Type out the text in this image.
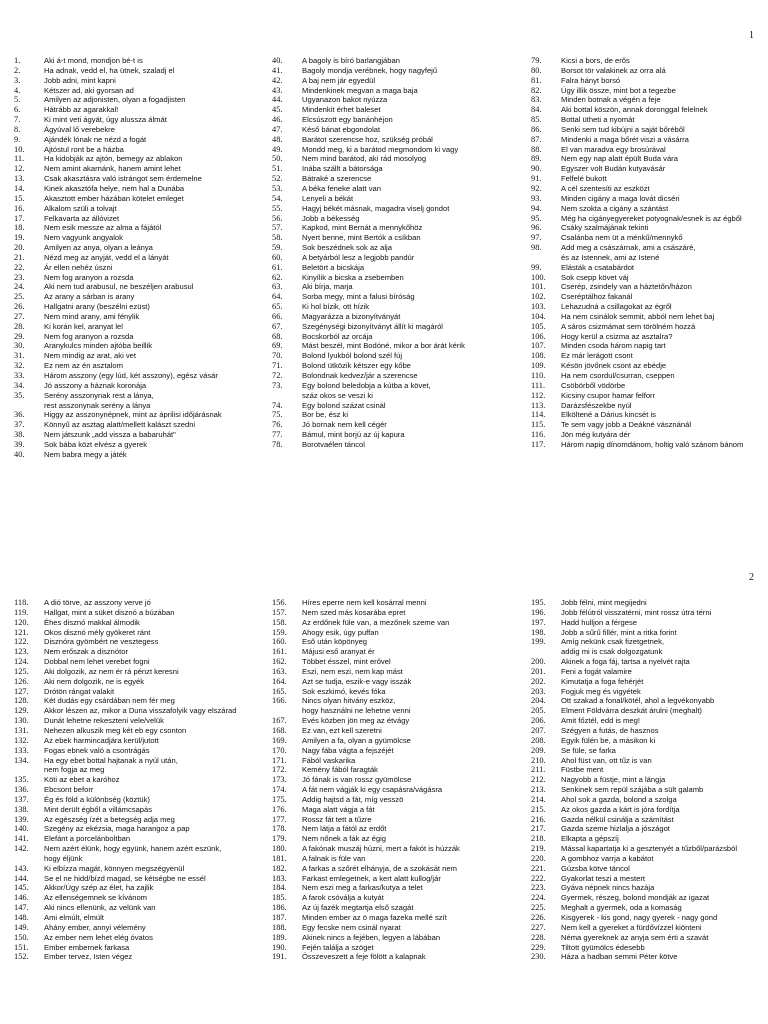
1
1.	Aki á-t mond, mondjon bé-t is
2.	Ha adnak, vedd el, ha ütnek, szaladj el
3.	Jobb adni, mint kapni
4.	Kétszer ad, aki gyorsan ad
5.	Amilyen az adjonisten, olyan a fogadjisten
6.	Hátrább az agarakkal!
7.	Ki mint veti ágyát, úgy alussza álmát
8.	Ágyúval lő verebekre
9.	Ajándék lónak ne nézd a fogát
10.	Ajtóstul ront be a házba
11.	Ha kidobják az ajtón, bemegy az ablakon
12.	Nem amint akarnánk, hanem amint lehet
13.	Csak akasztásra való istrángot sem érdemelne
14.	Kinek akasztófa helye, nem hal a Dunába
15.	Akasztott ember házában kötelet emleget
16.	Alkalom szüli a tolvajt
17.	Felkavarta az állóvizet
18.	Nem esik messze az alma a fájától
19.	Nem vagyunk angyalok
20.	Amilyen az anya, olyan a leánya
21.	Nézd meg az anyját, vedd el a lányát
22.	Ár ellen nehéz úszni
23.	Nem fog aranyon a rozsda
24.	Aki nem tud arabusul, ne beszéljen arabusul
25.	Az arany a sárban is arany
26.	Hallgatni arany (beszélni ezüst)
27.	Nem mind arany, ami fénylik
28.	Ki korán kel, aranyat lel
29.	Nem fog aranyon a rozsda
30.	Aranykulcs minden ajtóba beillik
31.	Nem mindig az arat, aki vet
32.	Ez nem az én asztalom
33.	Három asszony (egy lúd, két asszony), egész vásár
34.	Jó asszony a háznak koronája
35.	Serény asszonynak rest a lánya,
rest asszonynak serény a lánya
36.	Higgy az asszonynépnek, mint az áprilisi időjárásnak
37.	Könnyű az asztag alatt/mellett kalászt szedni
38.	Nem játszunk „add vissza a babaruhát"
39.	Sok bába közt elvész a gyerek
40.	Nem babra megy a játék
40.	A bagoly is bíró barlangjában
41.	Bagoly mondja verébnek, hogy nagyfejű
42.	A baj nem jár egyedül
43.	Mindenkinek megvan a maga baja
44.	Ugyanazon bakot nyúzza
45.	Mindenkit érhet baleset
46.	Elcsúszott egy banánhéjon
47.	Késő bánat ebgondolat
48.	Barátot szerencse hoz, szükség próbál
49.	Mondd meg, ki a barátod megmondom ki vagy
50.	Nem mind barátod, aki rád mosolyog
51.	Inába szállt a bátorsága
52.	Bátraké a szerencse
53.	A béka feneke alatt van
54.	Lenyeli a békát
55.	Hagyj békét másnak, magadra viselj gondot
56.	Jobb a békesség
57.	Kapkod, mint Bernát a mennykőhöz
58.	Nyert benne, mint Bertók a csíkban
59.	Sok beszédnek sok az alja
60.	A betyárból lesz a legjobb pandúr
61.	Beletört a bicskája
62.	Kinyílik a bicska a zsebemben
63.	Aki bírja, marja
64.	Sorba megy, mint a falusi bíróság
65.	Ki hol bízik, ott hízik
66.	Magyarázza a bizonyítványát
67.	Szegénységi bizonyítványt állít ki magáról
68.	Bocskorból az orcája
69.	Mást beszél, mint Bodóné, mikor a bor árát kérik
70.	Bolond lyukból bolond szél fúj
71.	Bolond ütközik kétszer egy kőbe
72.	Bolondnak kedvez/jár a szerencse
73.	Egy bolond beledobja a kútba a követ,
száz okos se veszi ki
74.	Egy bolond százat csinál
75.	Bor be, ész ki
76.	Jó bornak nem kell cégér
77.	Bámul, mint borjú az új kapura
78.	Borotvaélen táncol
79.	Kicsi a bors, de erős
80.	Borsot tör valakinek az orra alá
81.	Falra hányt borsó
82.	Úgy illik össze, mint bot a tegezbe
83.	Minden botnak a végén a feje
84.	Aki bottal köszön, annak doronggal felelnek
85.	Bottal ütheti a nyomát
86.	Senki sem tud kibújni a saját bőréből
87.	Mindenki a maga bőrét viszi a vásárra
88.	El van maradva egy brosúrával
89.	Nem egy nap alatt épült Buda vára
90.	Egyszer volt Budán kutyavásár
91.	Felfelé bukott
92.	A cél szentesíti az eszközt
93.	Minden cigány a maga lovát dicséri
94.	Nem szokta a cigány a szántást
95.	Még ha cigányegyereket potyognak/esnek is az égből
96.	Csáky szalmájának tekinti
97.	Csalánba nem üt a ménkű/mennykő
98.	Add meg a császárnak, ami a császáré,
és az Istennek, ami az Istené
99.	Elásták a csatabárdot
100.	Sok csepp követ váj
101.	Cserép, zsindely van a háztetőn/házon
102.	Cseréptálhoz fakanál
103.	Lehazudná a csillagokat az égről
104.	Ha nem csinálok semmit, abból nem lehet baj
105.	A sáros csizmámat sem törölném hozzá
106.	Hogy kerül a csizma az asztalra?
107.	Minden csoda három napig tart
108.	Ez már lerágott csont
109.	Késön jövőnek csont az ebédje
110.	Ha nem csordul/csurran, cseppen
111.	Csöbörből vödörbe
112.	Kicsiny csupor hamar felforr
113.	Darázsfészekbe nyúl
114.	Elköltené a Dárius kincsét is
115.	Te sem vagy jobb a Deákné vásznánál
116.	Jön még kutyára dér
117.	Három napig dínomdánom, holtig való szánom bánom
2
118.	A dió törve, az asszony verve jó
119.	Hallgat, mint a süket disznó a búzában
120.	Éhes disznó makkal álmodik
121.	Okos disznó mély gyökeret ránt
122.	Disznóra gyömbért ne vesztegess
123.	Nem erőszak a disznótor
124.	Dobbal nem lehet verebet fogni
125.	Aki dolgozik, az nem ér rá pénzt keresni
126.	Aki nem dolgozik, ne is egyék
127.	Drótön rángat valakit
128.	Két dudás egy csárdában nem fér meg
129.	Akkor lészen az, mikor a Duna visszafolyik vagy elszárad
130.	Dunát lehetne rekeszteni vele/velük
131.	Nehezen alkuszik meg két eb egy csonton
132.	Az ebek harmincadjára kerül/jutott
133.	Fogas ebnek való a csontrágás
134.	Ha egy ebet bottal hajtanak a nyúl után,
nem fogja az meg
135.	Köti az ebet a karóhoz
136.	Ebcsont beforr
137.	Ég és föld a különbség (köztük)
138.	Mint derült égből a villámcsapás
139.	Az egészség ízét a betegség adja meg
140.	Szegény az ekézsia, maga harangoz a pap
141.	Elefánt a porcelánboltban
142.	Nem azért élünk, hogy együnk, hanem azért eszünk,
hogy éljünk
143.	Ki elbízza magát, könnyen megszégyenül
144.	Se el ne hidd/bízd magad, se kétségbe ne essél
145.	Akkor/Úgy szép az élet, ha zajlik
146.	Az ellenségemnek se kívánom
147.	Aki nincs ellenünk, az velünk van
148.	Ami elmúlt, elmúlt
149.	Ahány ember, annyi vélemény
150.	Az ember nem lehet elég óvatos
151.	Ember embernek farkasa
152.	Ember tervez, Isten végez
156.	Híres eperre nem kell kosárral menni
157.	Nem szed más kosarába epret
158.	Az erdőnek füle van, a mezőnek szeme van
159.	Ahogy esik, úgy puffan
160.	Eső után köpönyeg
161.	Májusi eső aranyat ér
162.	Többet ésszel, mint erővel
163.	Eszi, nem eszi, nem kap mást
164.	Azt se tudja, eszik-e vagy isszák
165.	Sok eszkimó, kevés fóka
166.	Nincs olyan hitvány eszköz,
hogy használni ne lehetne venni
167.	Evés közben jön meg az étvágy
168.	Ez van, ezt kell szeretni
169.	Amilyen a fa, olyan a gyümölcse
170.	Nagy fába vágta a fejszéjét
171.	Fából vaskarika
172.	Kemény fából faragták
173.	Jó fának is van rossz gyümölcse
174.	A fát nem vágják ki egy csapásra/vágásra
175.	Addig hajtsd a fát, míg vesszö
176.	Maga alatt vágja a fát
177.	Rossz fát tett a tűzre
178.	Nem látja a fától az erdőt
179.	Nem nőnek a fák az égig
180.	A fakónak muszáj húzni, mert a fakót is húzzák
181.	A falnak is füle van
182.	A farkas a szőrét elhányja, de a szokását nem
183.	Farkast emlegetnek, a kert alatt kullog/jár
184.	Nem eszi meg a farkas/kutya a telet
185.	A farok csóválja a kutyát
186.	Az új fazék megtartja első szagát
187.	Minden ember az ö maga fazeka mellé szít
188.	Egy fecske nem csinál nyarat
189.	Akinek nincs a fejében, legyen a lábában
190.	Fején találja a szöget
191.	Összeveszett a feje fölött a kalapnak
195.	Jobb félni, mint megijedni
196.	Jobb félútról visszatérni, mint rossz útra térni
197.	Hadd hulljon a férgese
198.	Jobb a sűrű fillér, mint a ritka forint
199.	Amíg nekünk csak fizetgetnek,
addig mi is csak dolgozgatunk
200.	Akinek a foga fáj, tartsa a nyelvét rajta
201.	Feni a fogát valamire
202.	Kimutatja a foga fehérjét
203.	Fogjuk meg és vigyétek
204.	Ott szakad a fonal/kötél, ahol a legvékonyabb
205.	Elment Földvárra deszkát árulni (meghalt)
206.	Amit főztél, edd is meg!
207.	Szégyen a futás, de hasznos
208.	Egyik fülén be, a másikon ki
209.	Se füle, se farka
210.	Ahol füst van, ott tűz is van
211.	Füstbe ment
212.	Nagyobb a füstje, mint a lángja
213.	Senkinek sem repül szájába a sült galamb
214.	Ahol sok a gazda, bolond a szolga
215.	Az okos gazda a kárt is jóra fordítja
216.	Gazda nélkül csinálja a számítást
217.	Gazda szeme hizlalja a jószágot
218.	Elkapta a gépszíj
219.	Mással kapartatja ki a gesztenyét a tűzből/parázsból
220.	A gombhoz varrja a kabátot
221.	Gúzsba kötve táncol
222.	Gyakorlat teszi a mestert
223.	Gyáva népnek nincs hazája
224.	Gyermek, részeg, bolond mondják az igazat
225.	Meghalt a gyermek, oda a komaság
226.	Kisgyerek - kis gond, nagy gyerek - nagy gond
227.	Nem kell a gyereket a fürdővízzel kiönteni
228.	Néma gyereknek az anyja sem érti a szavát
229.	Tiltott gyümölcs édesebb
230.	Háza a hadban semmi Péter kötve
